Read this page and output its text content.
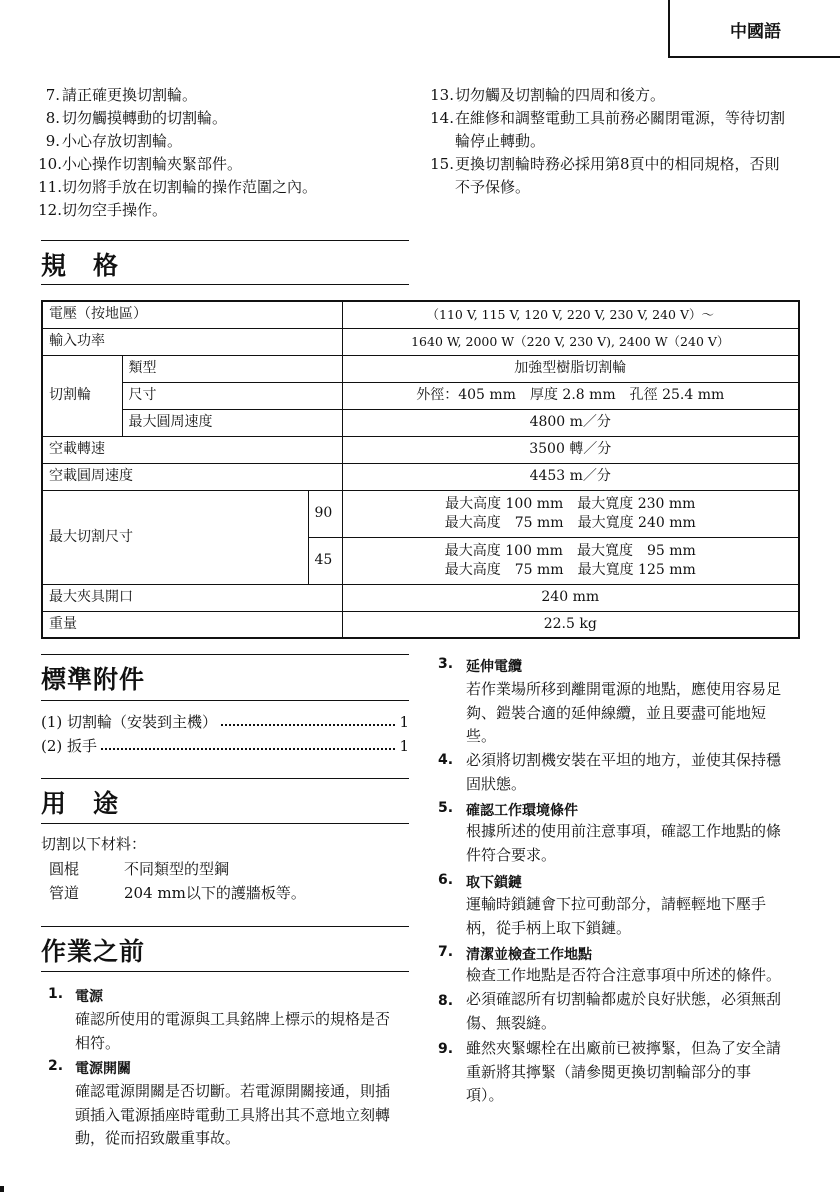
中國語
7. 請正確更換切割輪。
8. 切勿觸摸轉動的切割輪。
9. 小心存放切割輪。
10. 小心操作切割輪夾緊部件。
11. 切勿將手放在切割輪的操作范圍之內。
12. 切勿空手操作。
13. 切勿觸及切割輪的四周和後方。
14. 在維修和調整電動工具前務必關閉電源，等待切割
輪停止轉動。
15. 更換切割輪時務必採用第8頁中的相同規格，否則
不予保修。
規　格
電壓（按地區）			（110 V, 115 V, 120 V, 220 V, 230 V, 240 V）～
輸入功率			1640 W, 2000 W（220 V, 230 V), 2400 W（240 V）
切割輪	類型		加強型樹脂切割輪
	尺寸		外徑：405 mm　厚度 2.8 mm　孔徑 25.4 mm
	最大圓周速度		4800 m／分
空載轉速			3500 轉／分
空載圓周速度			4453 m／分
最大切割尺寸		90	最大高度 100 mm　最大寬度 230 mm
最大高度　75 mm　最大寬度 240 mm

		45	最大高度 100 mm　最大寬度　95 mm
最大高度　75 mm　最大寬度 125 mm

最大夾具開口			240 mm
重量			22.5 kg
標準附件
(1) 切割輪（安裝到主機）	1
(2) 扳手	1
用　途
切割以下材料：
圓棍	不同類型的型鋼
管道	204 mm以下的護牆板等。
作業之前
1. 電源
確認所使用的電源與工具銘牌上標示的規格是否
相符。
2. 電源開關
確認電源開關是否切斷。若電源開關接通，則插
頭插入電源插座時電動工具將出其不意地立刻轉
動，從而招致嚴重事故。
3. 延伸電纜
若作業場所移到離開電源的地點，應使用容易足
夠、鎧裝合適的延伸線纜，並且要盡可能地短
些。
4. 必須將切割機安裝在平坦的地方，並使其保持穩
固狀態。
5. 確認工作環境條件
根據所述的使用前注意事項，確認工作地點的條
件符合要求。
6. 取下鎖鏈
運輸時鎖鏈會下拉可動部分，請輕輕地下壓手
柄，從手柄上取下鎖鏈。
7. 清潔並檢查工作地點
檢查工作地點是否符合注意事項中所述的條件。
8. 必須確認所有切割輪都處於良好狀態，必須無刮
傷、無裂縫。
9. 雖然夾緊螺栓在出廠前已被擰緊，但為了安全請
重新將其擰緊（請參閱更換切割輪部分的事
項）。
